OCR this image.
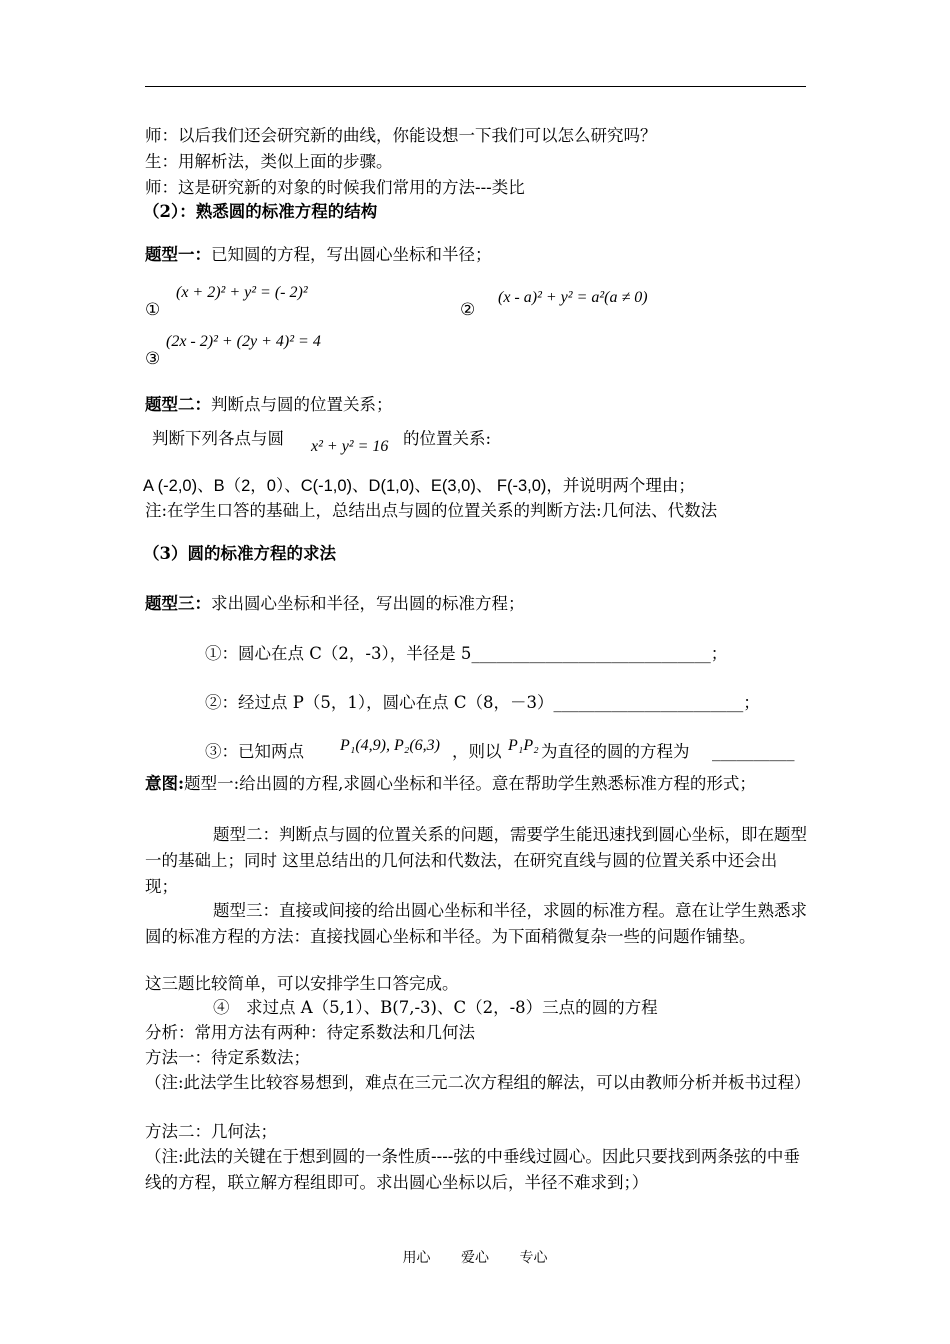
师：以后我们还会研究新的曲线，你能设想一下我们可以怎么研究吗？
生：用解析法，类似上面的步骤。
师：这是研究新的对象的时候我们常用的方法---类比
（2）：熟悉圆的标准方程的结构
题型一：已知圆的方程，写出圆心坐标和半径；
①
(x + 2)² + y² = (- 2)²
②
(x - a)² + y² = a²(a ≠ 0)
③
(2x - 2)² + (2y + 4)² = 4
题型二：判断点与圆的位置关系；
判断下列各点与圆 x² + y² = 16 的位置关系:
A (-2,0)、B（2，0）、C(-1,0)、D(1,0)、E(3,0)、 F(-3,0)，并说明两个理由；
注:在学生口答的基础上，总结出点与圆的位置关系的判断方法:几何法、代数法
（3）圆的标准方程的求法
题型三：求出圆心坐标和半径，写出圆的标准方程；
①：圆心在点 C（2，-3），半径是 5_____________________________；
②：经过点 P（5，1），圆心在点 C（8，－3）_______________________；
③：已知两点 P₁(4,9), P₂(6,3) ，则以 P₁P₂ 为直径的圆的方程为 __________
意图:题型一:给出圆的方程,求圆心坐标和半径。意在帮助学生熟悉标准方程的形式；
题型二：判断点与圆的位置关系的问题，需要学生能迅速找到圆心坐标，即在题型一的基础上；同时 这里总结出的几何法和代数法，在研究直线与圆的位置关系中还会出现；
题型三：直接或间接的给出圆心坐标和半径，求圆的标准方程。意在让学生熟悉求圆的标准方程的方法：直接找圆心坐标和半径。为下面稍微复杂一些的问题作铺垫。
这三题比较简单，可以安排学生口答完成。
④　求过点 A（5,1）、B(7,-3)、C（2，-8）三点的圆的方程
分析：常用方法有两种：待定系数法和几何法
方法一：待定系数法；
（注:此法学生比较容易想到，难点在三元二次方程组的解法，可以由教师分析并板书过程）
方法二：几何法；
（注:此法的关键在于想到圆的一条性质----弦的中垂线过圆心。因此只要找到两条弦的中垂线的方程，联立解方程组即可。求出圆心坐标以后，半径不难求到；）
用心 爱心 专心
